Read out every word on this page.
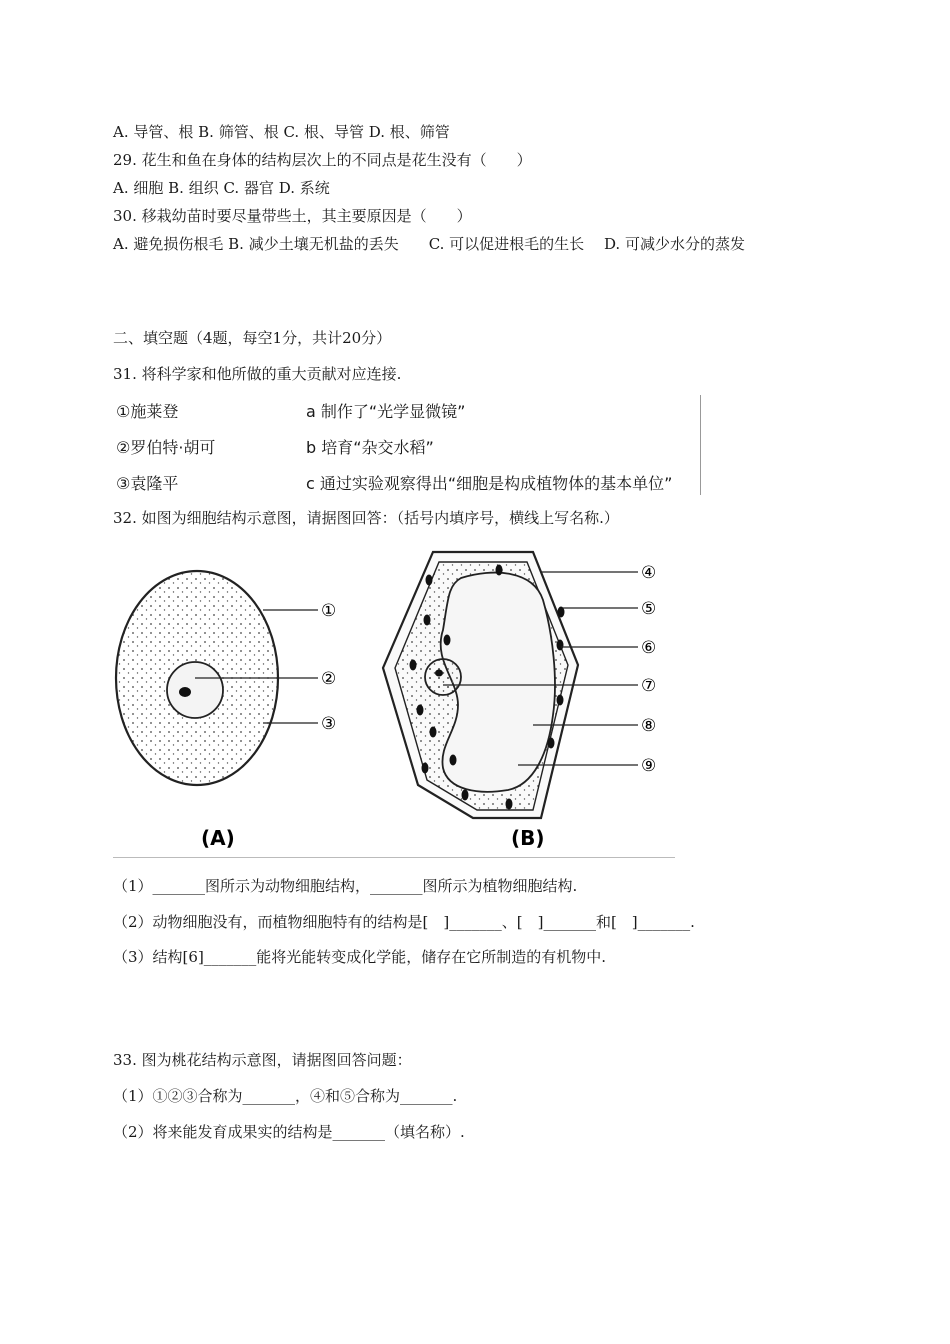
A. 导管、根 B. 筛管、根 C. 根、导管 D. 根、筛管
29. 花生和鱼在身体的结构层次上的不同点是花生没有（　　）
A. 细胞 B. 组织 C. 器官 D. 系统
30. 移栽幼苗时要尽量带些土，其主要原因是（　　）
A. 避免损伤根毛 B. 减少土壤无机盐的丢失　　C. 可以促进根毛的生长　 D. 可减少水分的蒸发
二、填空题（4题，每空1分，共计20分）
31. 将科学家和他所做的重大贡献对应连接.
①施莱登	a 制作了“光学显微镜”
②罗伯特·胡可	b 培育“杂交水稻”
③袁隆平	c 通过实验观察得出“细胞是构成植物体的基本单位”
32. 如图为细胞结构示意图，请据图回答：（括号内填序号，横线上写名称.）
①
②
③
(A)
④
⑤
⑥
⑦
⑧
⑨
(B)
（1）_______图所示为动物细胞结构，_______图所示为植物细胞结构.
（2）动物细胞没有，而植物细胞特有的结构是[　]_______、[　]_______和[　]_______.
（3）结构[6]_______能将光能转变成化学能，储存在它所制造的有机物中.
33. 图为桃花结构示意图，请据图回答问题：
（1）①②③合称为_______，④和⑤合称为_______.
（2）将来能发育成果实的结构是_______（填名称）.
